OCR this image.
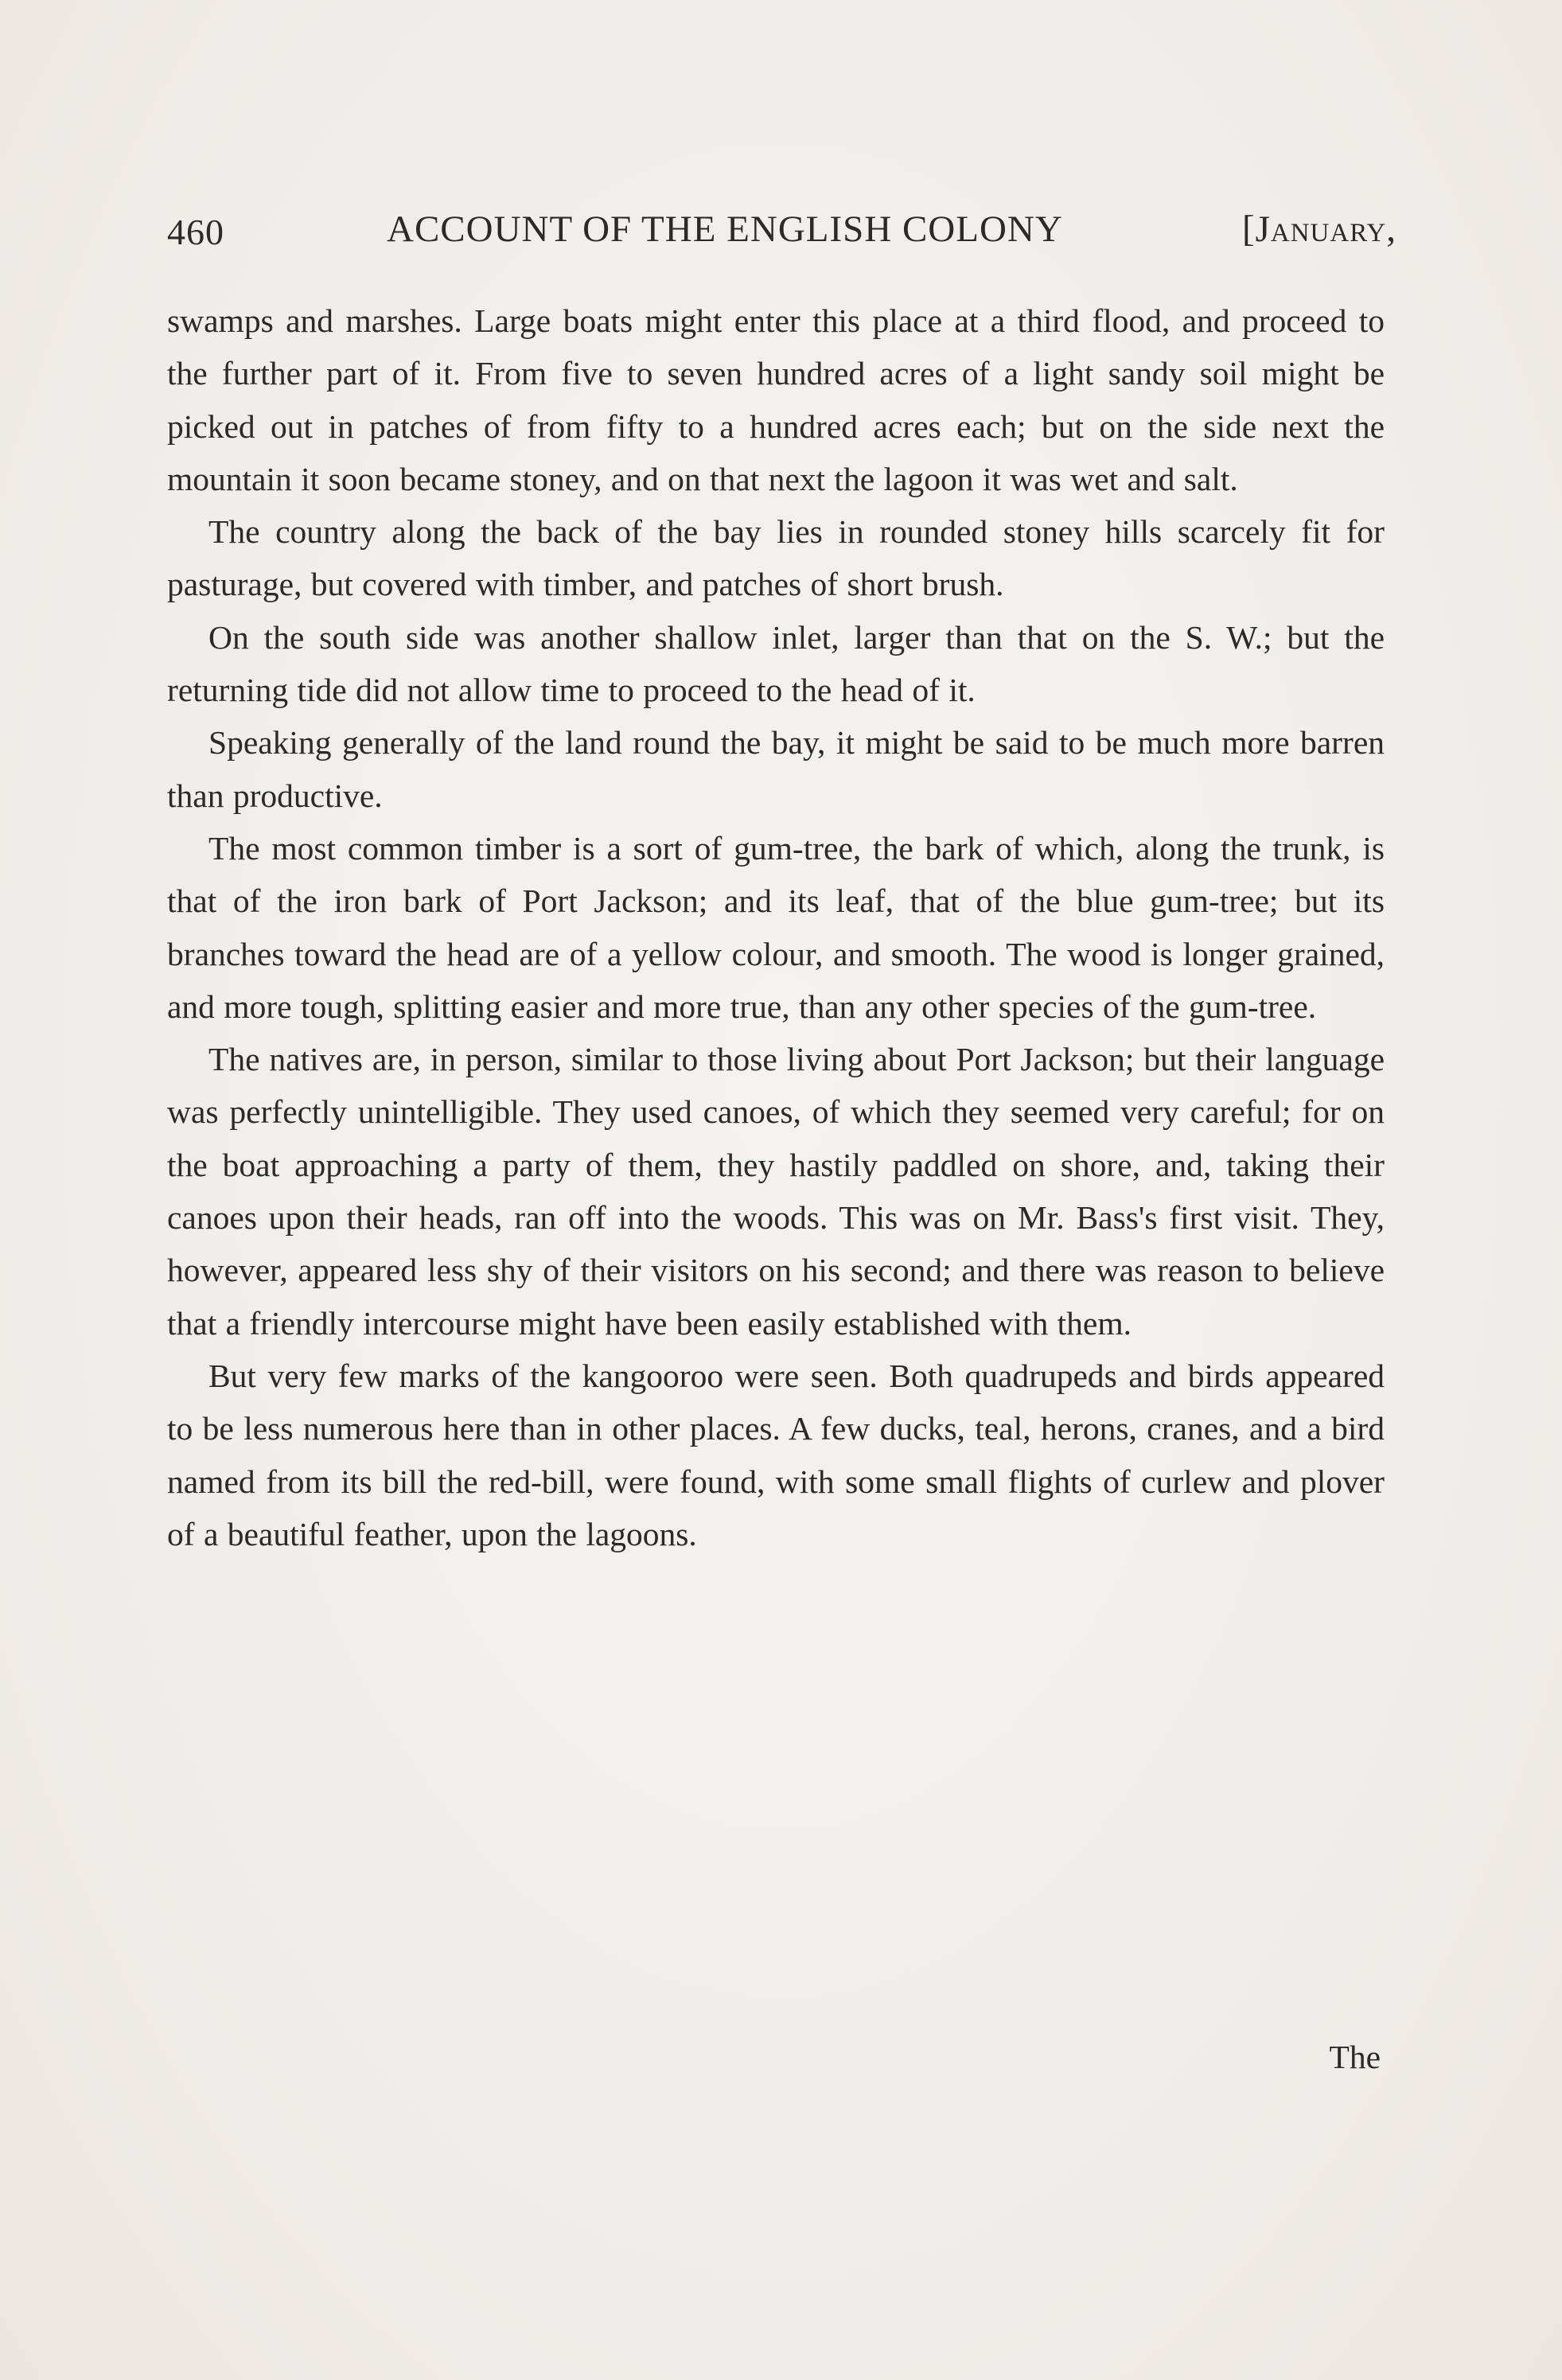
460	ACCOUNT OF THE ENGLISH COLONY	[January,

swamps and marshes. Large boats might enter this place at a third flood, and proceed to the further part of it. From five to seven hundred acres of a light sandy soil might be picked out in patches of from fifty to a hundred acres each; but on the side next the mountain it soon became stoney, and on that next the lagoon it was wet and salt.

The country along the back of the bay lies in rounded stoney hills scarcely fit for pasturage, but covered with timber, and patches of short brush.

On the south side was another shallow inlet, larger than that on the S. W.; but the returning tide did not allow time to proceed to the head of it.

Speaking generally of the land round the bay, it might be said to be much more barren than productive.

The most common timber is a sort of gum-tree, the bark of which, along the trunk, is that of the iron bark of Port Jackson; and its leaf, that of the blue gum-tree; but its branches toward the head are of a yellow colour, and smooth. The wood is longer grained, and more tough, splitting easier and more true, than any other species of the gum-tree.

The natives are, in person, similar to those living about Port Jackson; but their language was perfectly unintelligible. They used canoes, of which they seemed very careful; for on the boat approaching a party of them, they hastily paddled on shore, and, taking their canoes upon their heads, ran off into the woods. This was on Mr. Bass's first visit. They, however, appeared less shy of their visitors on his second; and there was reason to believe that a friendly intercourse might have been easily established with them.

But very few marks of the kangooroo were seen. Both quadrupeds and birds appeared to be less numerous here than in other places. A few ducks, teal, herons, cranes, and a bird named from its bill the red-bill, were found, with some small flights of curlew and plover of a beautiful feather, upon the lagoons.

The
